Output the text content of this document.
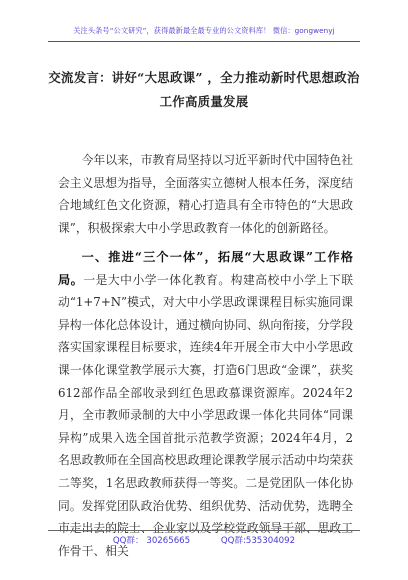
关注头条号“公文研究”，获得最新最全最专业的公文资料库！ 微信：gongwenyj
交流发言：讲好“大思政课” ，全力推动新时代思想政治
工作高质量发展

今年以来，市教育局坚持以习近平新时代中国特色社会主义思想为指导，全面落实立德树人根本任务，深度结合地域红色文化资源，精心打造具有全市特色的“大思政课”，积极探索大中小学思政教育一体化的创新路径。

一、推进“三个一体”，拓展“大思政课”工作格局。一是大中小学一体化教育。构建高校中小学上下联动“1+7+N”模式，对大中小学思政课课程目标实施同课异构一体化总体设计，通过横向协同、纵向衔接，分学段落实国家课程目标要求，连续4年开展全市大中小学思政课一体化课堂教学展示大赛，打造6门思政“金课”，获奖612部作品全部收录到红色思政慕课资源库。2024年2月，全市教师录制的大中小学思政课一体化共同体“同课异构”成果入选全国首批示范教学资源；2024年4月，2名思政教师在全国高校思政理论课教学展示活动中均荣获二等奖，1名思政教师获得一等奖。二是党团队一体化协同。发挥党团队政治优势、组织优势、活动优势，选聘全市走出去的院士、企业家以及学校党政领导干部、思政工作骨干、相关

QQ群： 30265665	QQ群:535304092
